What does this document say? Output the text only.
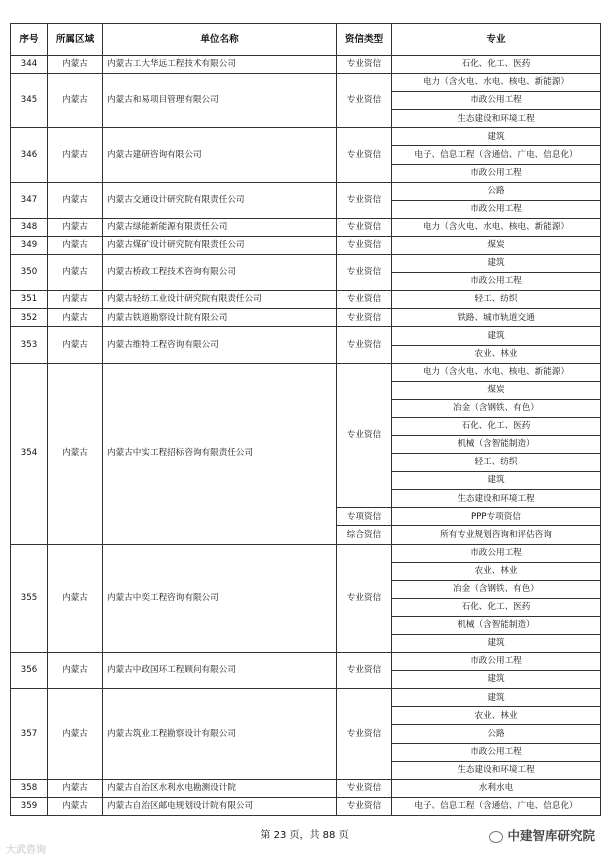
序号	所属区域	单位名称	资信类型	专业
344	内蒙古	内蒙古工大华远工程技术有限公司	专业资信	石化、化工、医药
345	内蒙古	内蒙古和易项目管理有限公司	专业资信	电力（含火电、水电、核电、新能源）
				市政公用工程
				生态建设和环境工程
346	内蒙古	内蒙古建研咨询有限公司	专业资信	建筑
				电子、信息工程（含通信、广电、信息化）
				市政公用工程
347	内蒙古	内蒙古交通设计研究院有限责任公司	专业资信	公路
				市政公用工程
348	内蒙古	内蒙古绿能新能源有限责任公司	专业资信	电力（含火电、水电、核电、新能源）
349	内蒙古	内蒙古煤矿设计研究院有限责任公司	专业资信	煤炭
350	内蒙古	内蒙古桥政工程技术咨询有限公司	专业资信	建筑
				市政公用工程
351	内蒙古	内蒙古轻纺工业设计研究院有限责任公司	专业资信	轻工、纺织
352	内蒙古	内蒙古铁道勘察设计院有限公司	专业资信	铁路、城市轨道交通
353	内蒙古	内蒙古维特工程咨询有限公司	专业资信	建筑
				农业、林业
354	内蒙古	内蒙古中实工程招标咨询有限责任公司	专业资信	电力（含火电、水电、核电、新能源）
				煤炭
				冶金（含钢铁、有色）
				石化、化工、医药
				机械（含智能制造）
				轻工、纺织
				建筑
				生态建设和环境工程
			专项资信	PPP专项资信
			综合资信	所有专业规划咨询和评估咨询
355	内蒙古	内蒙古中奕工程咨询有限公司	专业资信	市政公用工程
				农业、林业
				冶金（含钢铁、有色）
				石化、化工、医药
				机械（含智能制造）
				建筑
356	内蒙古	内蒙古中政国环工程顾问有限公司	专业资信	市政公用工程
				建筑
357	内蒙古	内蒙古筑业工程勘察设计有限公司	专业资信	建筑
				农业、林业
				公路
				市政公用工程
				生态建设和环境工程
358	内蒙古	内蒙古自治区水利水电勘测设计院	专业资信	水利水电
359	内蒙古	内蒙古自治区邮电规划设计院有限公司	专业资信	电子、信息工程（含通信、广电、信息化）
第 23 页，共 88 页
大武咨询
中建智库研究院
